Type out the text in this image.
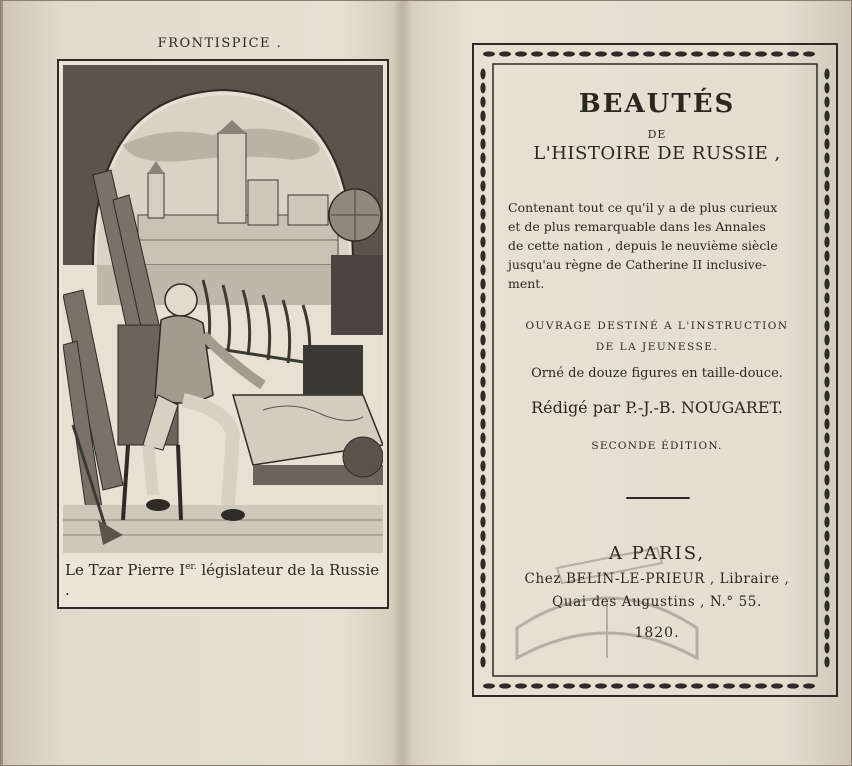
FRONTISPICE .
Le Tzar Pierre $I^{er.}$ législateur de la Russie .

BEAUTÉS

DE

L'HISTOIRE DE RUSSIE ,

Contenant tout ce qu'il y a de plus curieux
et de plus remarquable dans les Annales
de cette nation , depuis le neuvième siècle
jusqu'au règne de Catherine II inclusive-
ment.
OUVRAGE DESTINÉ A L'INSTRUCTION
DE LA JEUNESSE.
Orné de douze figures en taille-douce.
Rédigé par P.-J.-B. NOUGARET.
SECONDE ÉDITION.

A PARIS,

Chez BELIN-LE-PRIEUR , Libraire ,

Quai des Augustins , N.° 55.

1820.
